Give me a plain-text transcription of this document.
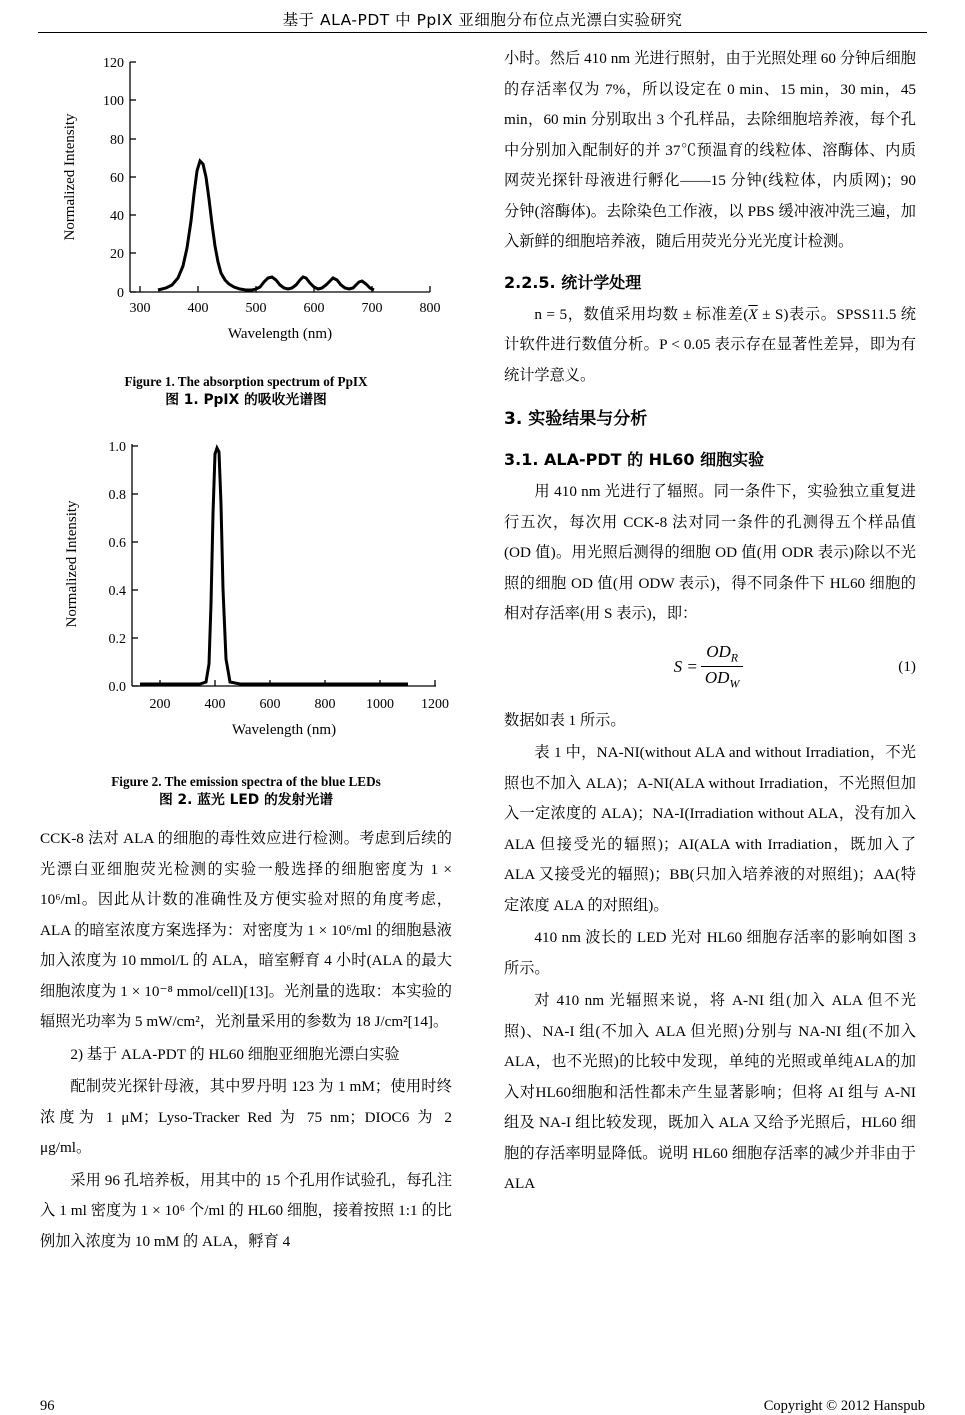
基于 ALA-PDT 中 PpIX 亚细胞分布位点光漂白实验研究
0
20
40
60
80
100
120
300	400	500	600	700	800
Wavelength (nm)
Normalized Intensity
Figure 1. The absorption spectrum of PpIX
图 1. PpIX 的吸收光谱图
0.0
0.2
0.4
0.6
0.8
1.0
200 400 600 800 1000 1200
Wavelength (nm)
Normalized Intensity
Figure 2. The emission spectra of the blue LEDs
图 2. 蓝光 LED 的发射光谱

CCK-8 法对 ALA 的细胞的毒性效应进行检测。考虑到后续的光漂白亚细胞荧光检测的实验一般选择的细胞密度为 1 × 10⁶/ml。因此从计数的准确性及方便实验对照的角度考虑，ALA 的暗室浓度方案选择为：对密度为 1 × 10⁶/ml 的细胞悬液加入浓度为 10 mmol/L 的 ALA，暗室孵育 4 小时(ALA 的最大细胞浓度为 1 × 10⁻⁸ mmol/cell)[13]。光剂量的选取：本实验的辐照光功率为 5 mW/cm²，光剂量采用的参数为 18 J/cm²[14]。

2) 基于 ALA-PDT 的 HL60 细胞亚细胞光漂白实验

配制荧光探针母液，其中罗丹明 123 为 1 mM；使用时终浓度为 1 μM；Lyso-Tracker Red 为 75 nm；DIOC6 为 2 μg/ml。

采用 96 孔培养板，用其中的 15 个孔用作试验孔，每孔注入 1 ml 密度为 1 × 10⁶ 个/ml 的 HL60 细胞，接着按照 1:1 的比例加入浓度为 10 mM 的 ALA，孵育 4

小时。然后 410 nm 光进行照射，由于光照处理 60 分钟后细胞的存活率仅为 7%，所以设定在 0 min、15 min，30 min，45 min，60 min 分别取出 3 个孔样品，去除细胞培养液，每个孔中分别加入配制好的并 37℃预温育的线粒体、溶酶体、内质网荧光探针母液进行孵化——15 分钟(线粒体，内质网)；90 分钟(溶酶体)。去除染色工作液，以 PBS 缓冲液冲洗三遍，加入新鲜的细胞培养液，随后用荧光分光光度计检测。

2.2.5. 统计学处理

n = 5，数值采用均数 ± 标准差$(\overline{X} \pm S)$表示。SPSS11.5 统计软件进行数值分析。P < 0.05 表示存在显著性差异，即为有统计学意义。

3. 实验结果与分析
3.1. ALA-PDT 的 HL60 细胞实验

用 410 nm 光进行了辐照。同一条件下，实验独立重复进行五次，每次用 CCK-8 法对同一条件的孔测得五个样品值(OD 值)。用光照后测得的细胞 OD 值(用 ODR 表示)除以不光照的细胞 OD 值(用 ODW 表示)，得不同条件下 HL60 细胞的相对存活率(用 S 表示)，即：

$S = \frac{OD_R}{OD_W}$	(1)

数据如表 1 所示。

表 1 中，NA-NI(without ALA and without Irradiation，不光照也不加入 ALA)；A-NI(ALA without Irradiation，不光照但加入一定浓度的 ALA)；NA-I(Irradiation without ALA，没有加入 ALA 但接受光的辐照)；AI(ALA with Irradiation，既加入了 ALA 又接受光的辐照)；BB(只加入培养液的对照组)；AA(特定浓度 ALA 的对照组)。

410 nm 波长的 LED 光对 HL60 细胞存活率的影响如图 3 所示。

对 410 nm 光辐照来说，将 A-NI 组(加入 ALA 但不光照)、NA-I 组(不加入 ALA 但光照)分别与 NA-NI 组(不加入 ALA，也不光照)的比较中发现，单纯的光照或单纯ALA的加入对HL60细胞和活性都未产生显著影响；但将 AI 组与 A-NI 组及 NA-I 组比较发现，既加入 ALA 又给予光照后，HL60 细胞的存活率明显降低。说明 HL60 细胞存活率的减少并非由于 ALA

96	Copyright © 2012 Hanspub
